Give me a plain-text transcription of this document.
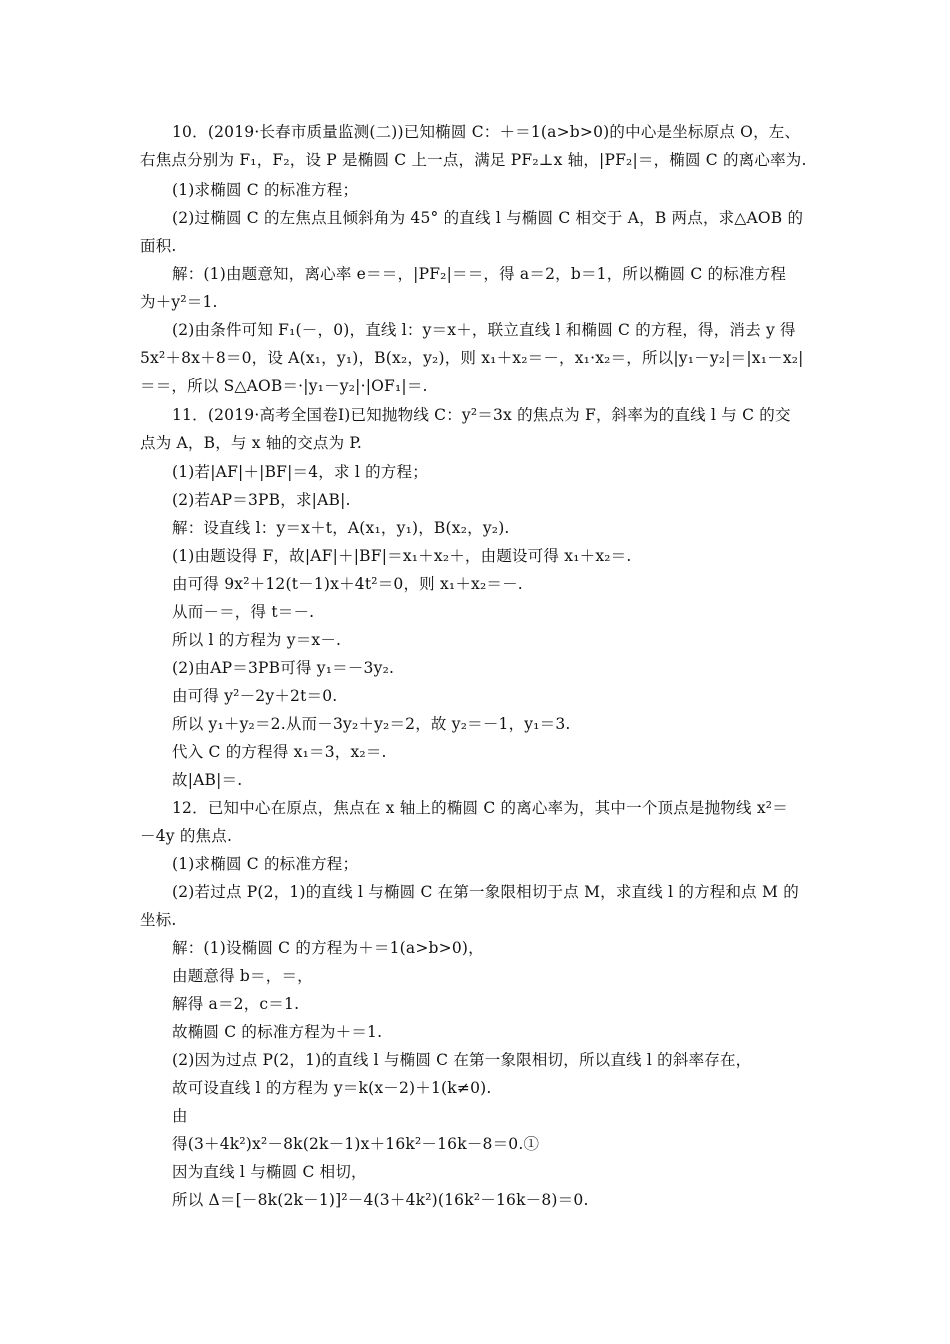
10．(2019·长春市质量监测(二))已知椭圆 C：＋＝1(a>b>0)的中心是坐标原点 O，左、
右焦点分别为 F₁，F₂，设 P 是椭圆 C 上一点，满足 PF₂⊥x 轴，|PF₂|＝，椭圆 C 的离心率为.
(1)求椭圆 C 的标准方程；
(2)过椭圆 C 的左焦点且倾斜角为 45° 的直线 l 与椭圆 C 相交于 A，B 两点，求△AOB 的
面积.
解：(1)由题意知，离心率 e＝＝，|PF₂|＝＝，得 a＝2，b＝1，所以椭圆 C 的标准方程
为＋y²＝1.
(2)由条件可知 F₁(－，0)，直线 l：y＝x＋，联立直线 l 和椭圆 C 的方程，得，消去 y 得
5x²＋8x＋8＝0，设 A(x₁，y₁)，B(x₂，y₂)，则 x₁＋x₂＝－，x₁·x₂＝，所以|y₁－y₂|＝|x₁－x₂|
＝＝，所以 S△AOB＝·|y₁－y₂|·|OF₁|＝.
11．(2019·高考全国卷Ⅰ)已知抛物线 C：y²＝3x 的焦点为 F，斜率为的直线 l 与 C 的交
点为 A，B，与 x 轴的交点为 P.
(1)若|AF|＋|BF|＝4，求 l 的方程；
(2)若AP＝3PB，求|AB|.
解：设直线 l：y＝x＋t，A(x₁，y₁)，B(x₂，y₂).
(1)由题设得 F，故|AF|＋|BF|＝x₁＋x₂＋，由题设可得 x₁＋x₂＝.
由可得 9x²＋12(t－1)x＋4t²＝0，则 x₁＋x₂＝－.
从而－＝，得 t＝－.
所以 l 的方程为 y＝x－.
(2)由AP＝3PB可得 y₁＝－3y₂.
由可得 y²－2y＋2t＝0.
所以 y₁＋y₂＝2.从而－3y₂＋y₂＝2，故 y₂＝－1，y₁＝3.
代入 C 的方程得 x₁＝3，x₂＝.
故|AB|＝.
12．已知中心在原点，焦点在 x 轴上的椭圆 C 的离心率为，其中一个顶点是抛物线 x²＝
－4y 的焦点.
(1)求椭圆 C 的标准方程；
(2)若过点 P(2，1)的直线 l 与椭圆 C 在第一象限相切于点 M，求直线 l 的方程和点 M 的
坐标.
解：(1)设椭圆 C 的方程为＋＝1(a>b>0)，
由题意得 b＝，＝，
解得 a＝2，c＝1.
故椭圆 C 的标准方程为＋＝1.
(2)因为过点 P(2，1)的直线 l 与椭圆 C 在第一象限相切，所以直线 l 的斜率存在，
故可设直线 l 的方程为 y＝k(x－2)＋1(k≠0).
由
得(3＋4k²)x²－8k(2k－1)x＋16k²－16k－8＝0.①
因为直线 l 与椭圆 C 相切，
所以 Δ＝[－8k(2k－1)]²－4(3＋4k²)(16k²－16k－8)＝0.
